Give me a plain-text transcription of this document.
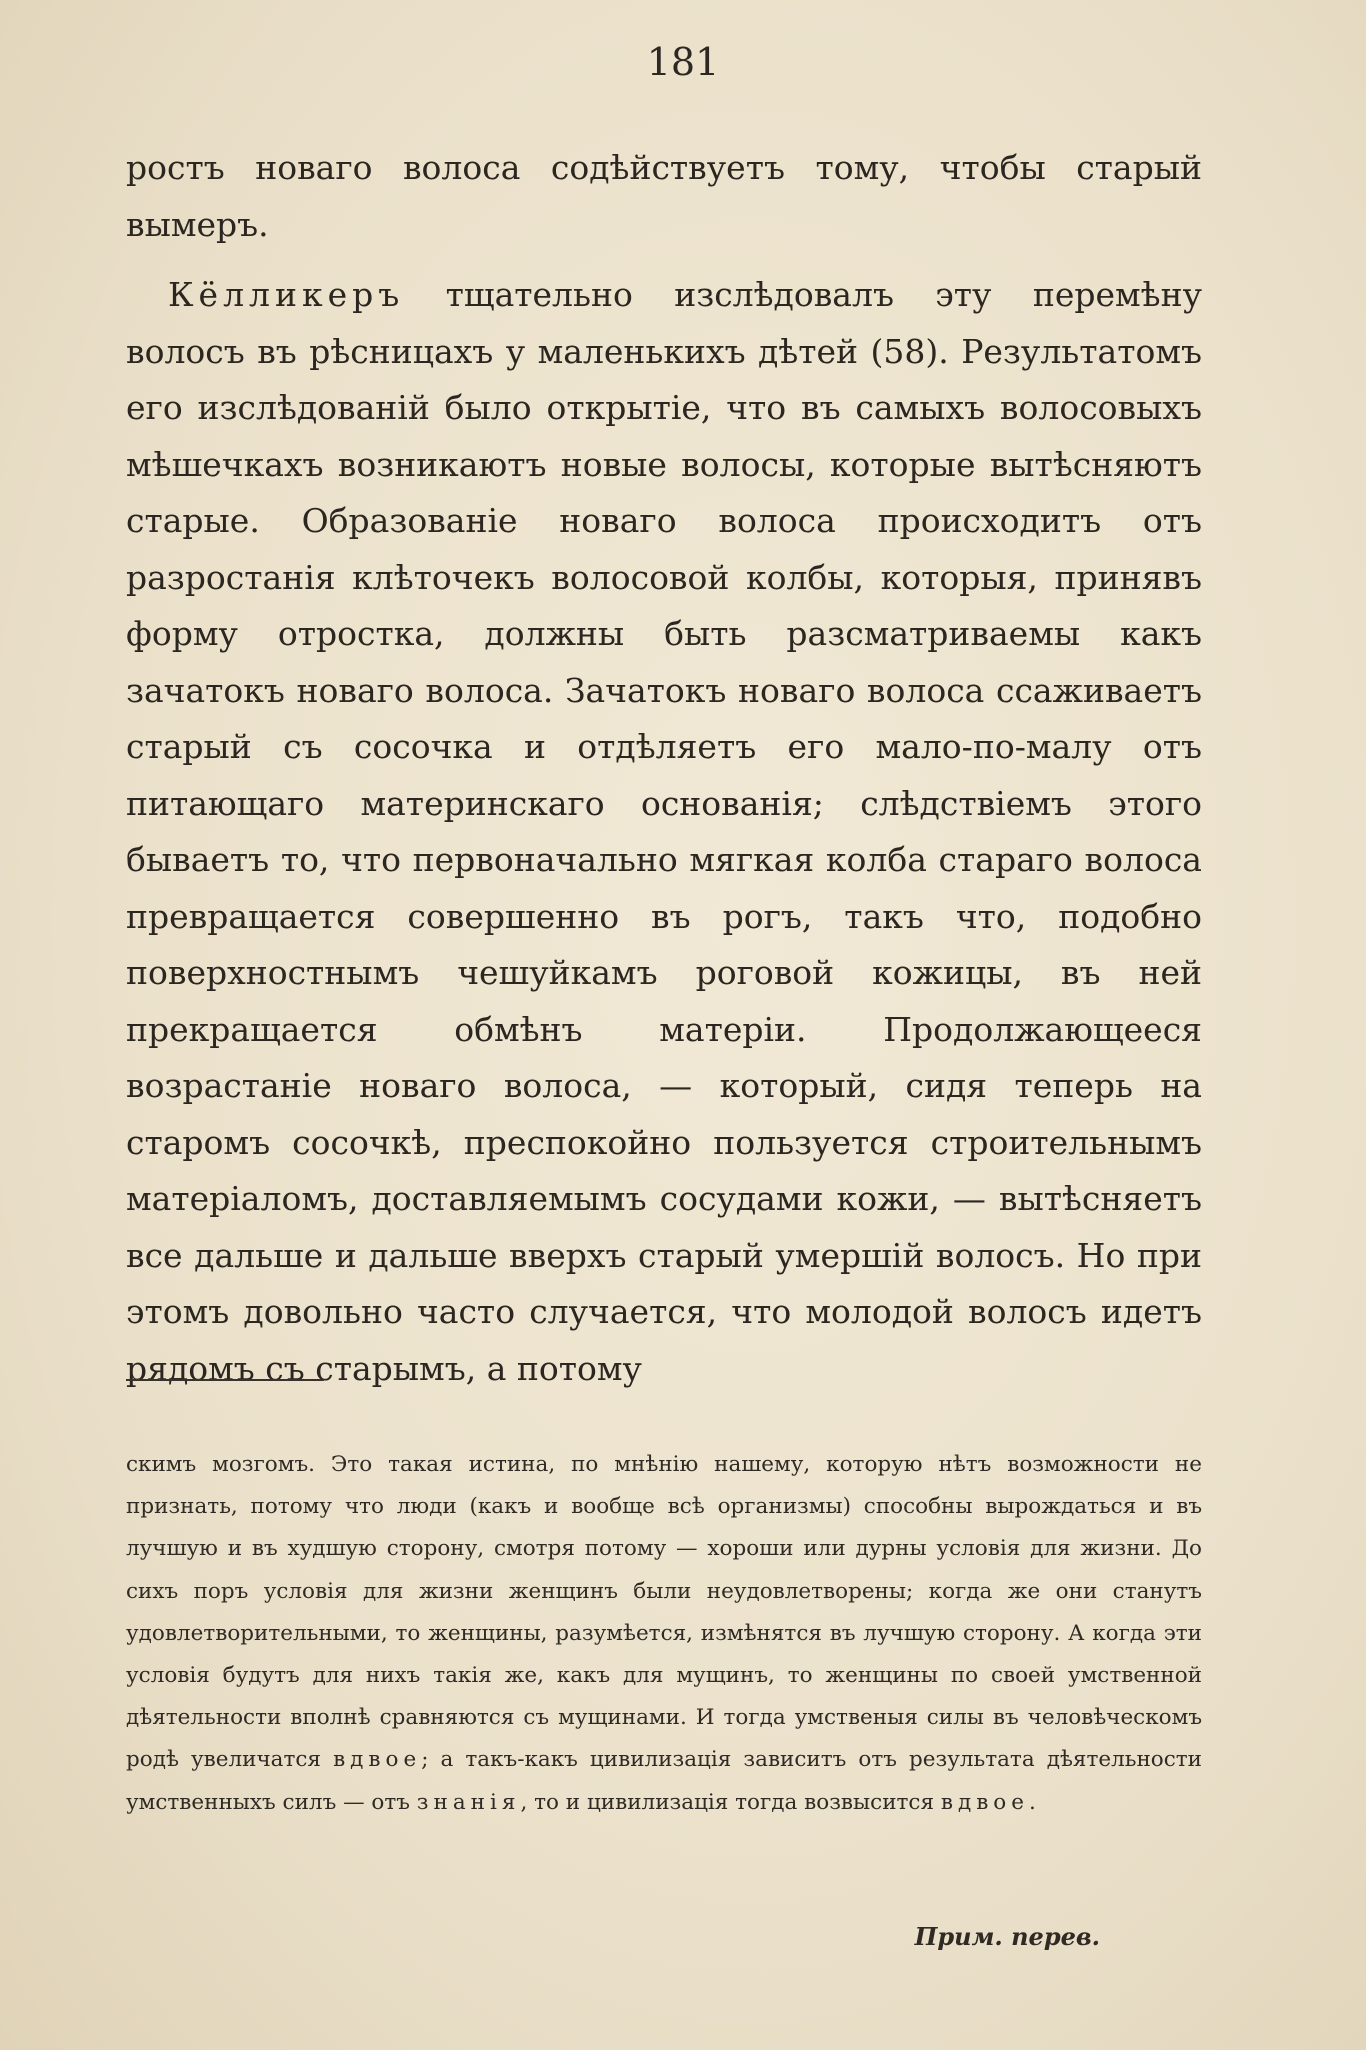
181

ростъ новаго волоса содѣйствуетъ тому, чтобы старый вымеръ.

Кёлликеръ тщательно изслѣдовалъ эту перемѣну волосъ въ рѣсницахъ у маленькихъ дѣтей (58). Результатомъ его изслѣдованій было открытіе, что въ самыхъ волосовыхъ мѣшечкахъ возникаютъ новые волосы, которые вытѣсняютъ старые. Образованіе новаго волоса происходитъ отъ разростанія клѣточекъ волосовой колбы, которыя, принявъ форму отростка, должны быть разсматриваемы какъ зачатокъ новаго волоса. Зачатокъ новаго волоса ссаживаетъ старый съ сосочка и отдѣляетъ его мало-по-малу отъ питающаго материнскаго основанія; слѣдствіемъ этого бываетъ то, что первоначально мягкая колба стараго волоса превращается совершенно въ рогъ, такъ что, подобно поверхностнымъ чешуйкамъ роговой кожицы, въ ней прекращается обмѣнъ матеріи. Продолжающееся возрастаніе новаго волоса, — который, сидя теперь на старомъ сосочкѣ, преспокойно пользуется строительнымъ матеріаломъ, доставляемымъ сосудами кожи, — вытѣсняетъ все дальше и дальше вверхъ старый умершій волосъ. Но при этомъ довольно часто случается, что молодой волосъ идетъ рядомъ съ старымъ, а потому

скимъ мозгомъ. Это такая истина, по мнѣнію нашему, которую нѣтъ возможности не признать, потому что люди (какъ и вообще всѣ организмы) способны вырождаться и въ лучшую и въ худшую сторону, смотря потому — хороши или дурны условія для жизни. До сихъ поръ условія для жизни женщинъ были неудовлетворены; когда же они станутъ удовлетворительными, то женщины, разумѣется, измѣнятся въ лучшую сторону. А когда эти условія будутъ для нихъ такія же, какъ для мущинъ, то женщины по своей умственной дѣятельности вполнѣ сравняются съ мущинами. И тогда умственыя силы въ человѣческомъ родѣ увеличатся вдвое; а такъ-какъ цивилизація зависитъ отъ результата дѣятельности умственныхъ силъ — отъ знанія, то и цивилизація тогда возвысится вдвое.

Прим. перев.
